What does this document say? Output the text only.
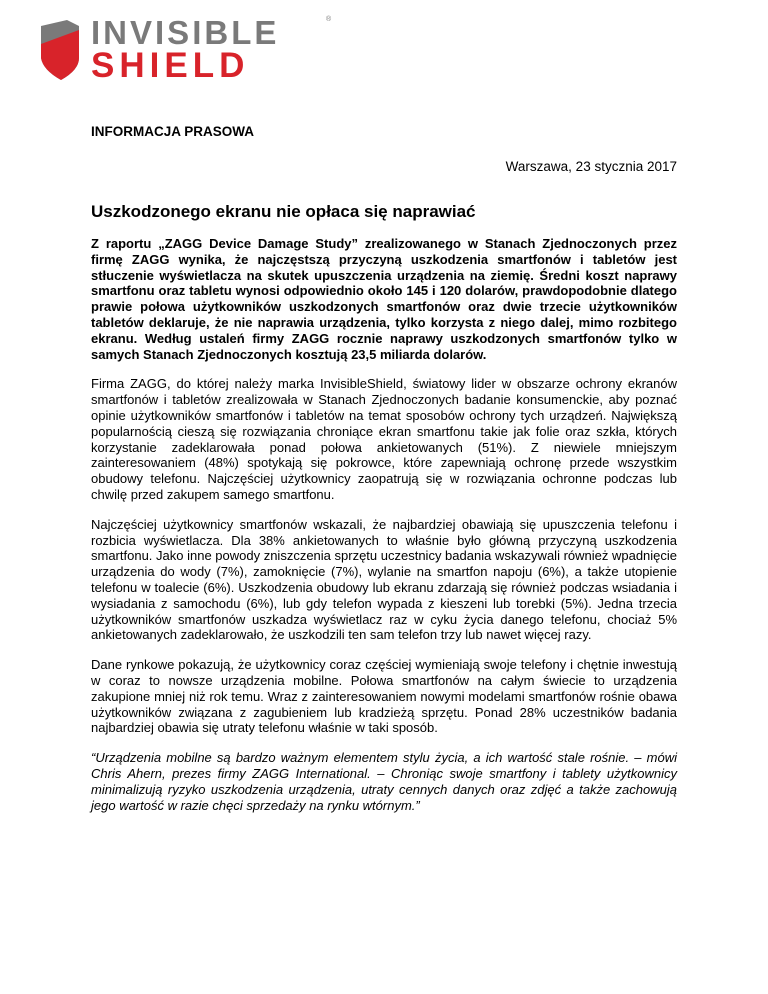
INVISIBLE
SHIELD
®
INFORMACJA PRASOWA
Warszawa, 23 stycznia 2017
Uszkodzonego ekranu nie opłaca się naprawiać

Z raportu „ZAGG Device Damage Study” zrealizowanego w Stanach Zjednoczonych przez firmę ZAGG wynika, że najczęstszą przyczyną uszkodzenia smartfonów i tabletów jest stłuczenie wyświetlacza na skutek upuszczenia urządzenia na ziemię. Średni koszt naprawy smartfonu oraz tabletu wynosi odpowiednio około 145 i 120 dolarów, prawdopodobnie dlatego prawie połowa użytkowników uszkodzonych smartfonów oraz dwie trzecie użytkowników tabletów deklaruje, że nie naprawia urządzenia, tylko korzysta z niego dalej, mimo rozbitego ekranu. Według ustaleń firmy ZAGG rocznie naprawy uszkodzonych smartfonów tylko w samych Stanach Zjednoczonych kosztują 23,5 miliarda dolarów.

Firma ZAGG, do której należy marka InvisibleShield, światowy lider w obszarze ochrony ekranów smartfonów i tabletów zrealizowała w Stanach Zjednoczonych badanie konsumenckie, aby poznać opinie użytkowników smartfonów i tabletów na temat sposobów ochrony tych urządzeń. Największą popularnością cieszą się rozwiązania chroniące ekran smartfonu takie jak folie oraz szkła, których korzystanie zadeklarowała ponad połowa ankietowanych (51%). Z niewiele mniejszym zainteresowaniem (48%) spotykają się pokrowce, które zapewniają ochronę przede wszystkim obudowy telefonu. Najczęściej użytkownicy zaopatrują się w rozwiązania ochronne podczas lub chwilę przed zakupem samego smartfonu.

Najczęściej użytkownicy smartfonów wskazali, że najbardziej obawiają się upuszczenia telefonu i rozbicia wyświetlacza. Dla 38% ankietowanych to właśnie było główną przyczyną uszkodzenia smartfonu. Jako inne powody zniszczenia sprzętu uczestnicy badania wskazywali również wpadnięcie urządzenia do wody (7%), zamoknięcie (7%), wylanie na smartfon napoju (6%), a także utopienie telefonu w toalecie (6%). Uszkodzenia obudowy lub ekranu zdarzają się również podczas wsiadania i wysiadania z samochodu (6%), lub gdy telefon wypada z kieszeni lub torebki (5%). Jedna trzecia użytkowników smartfonów uszkadza wyświetlacz raz w cyku życia danego telefonu, chociaż 5% ankietowanych zadeklarowało, że uszkodzili ten sam telefon trzy lub nawet więcej razy.

Dane rynkowe pokazują, że użytkownicy coraz częściej wymieniają swoje telefony i chętnie inwestują w coraz to nowsze urządzenia mobilne. Połowa smartfonów na całym świecie to urządzenia zakupione mniej niż rok temu. Wraz z zainteresowaniem nowymi modelami smartfonów rośnie obawa użytkowników związana z zagubieniem lub kradzieżą sprzętu. Ponad 28% uczestników badania najbardziej obawia się utraty telefonu właśnie w taki sposób.

“Urządzenia mobilne są bardzo ważnym elementem stylu życia, a ich wartość stale rośnie. – mówi Chris Ahern, prezes firmy ZAGG International. – Chroniąc swoje smartfony i tablety użytkownicy minimalizują ryzyko uszkodzenia urządzenia, utraty cennych danych oraz zdjęć a także zachowują jego wartość w razie chęci sprzedaży na rynku wtórnym.”
